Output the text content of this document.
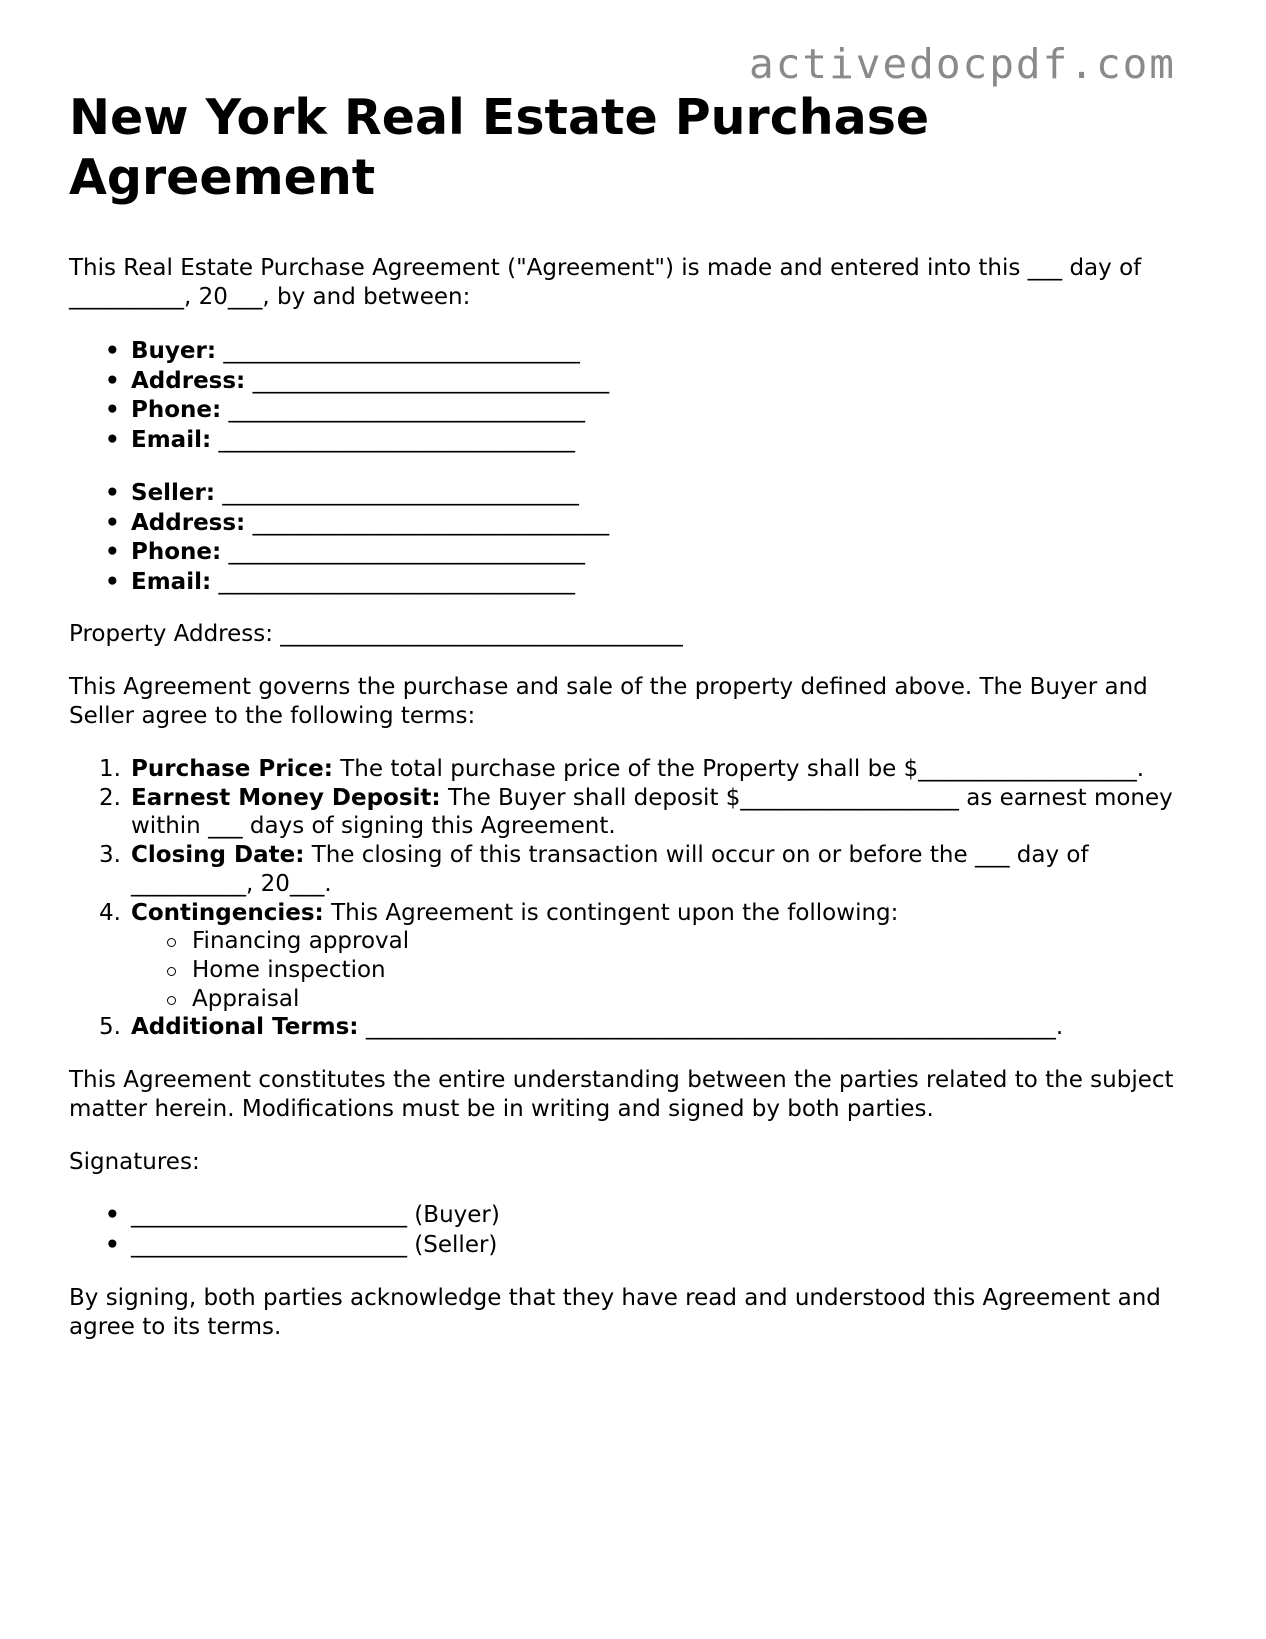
activedocpdf.com
New York Real Estate Purchase Agreement

This Real Estate Purchase Agreement ("Agreement") is made and entered into this ___ day of __________, 20___, by and between:

• Buyer: _______________________________
• Address: _______________________________
• Phone: _______________________________
• Email: _______________________________
• Seller: _______________________________
• Address: _______________________________
• Phone: _______________________________
• Email: _______________________________

Property Address: ___________________________________

This Agreement governs the purchase and sale of the property defined above. The Buyer and Seller agree to the following terms:

Purchase Price: The total purchase price of the Property shall be $___________________.
Earnest Money Deposit: The Buyer shall deposit $___________________ as earnest money within ___ days of signing this Agreement.
Closing Date: The closing of this transaction will occur on or before the ___ day of __________, 20___.
Contingencies: This Agreement is contingent upon the following:
Financing approval
Home inspection
Appraisal
Additional Terms: ____________________________________________________________.

This Agreement constitutes the entire understanding between the parties related to the subject matter herein. Modifications must be in writing and signed by both parties.

Signatures:

• ________________________ (Buyer)
• ________________________ (Seller)

By signing, both parties acknowledge that they have read and understood this Agreement and agree to its terms.
